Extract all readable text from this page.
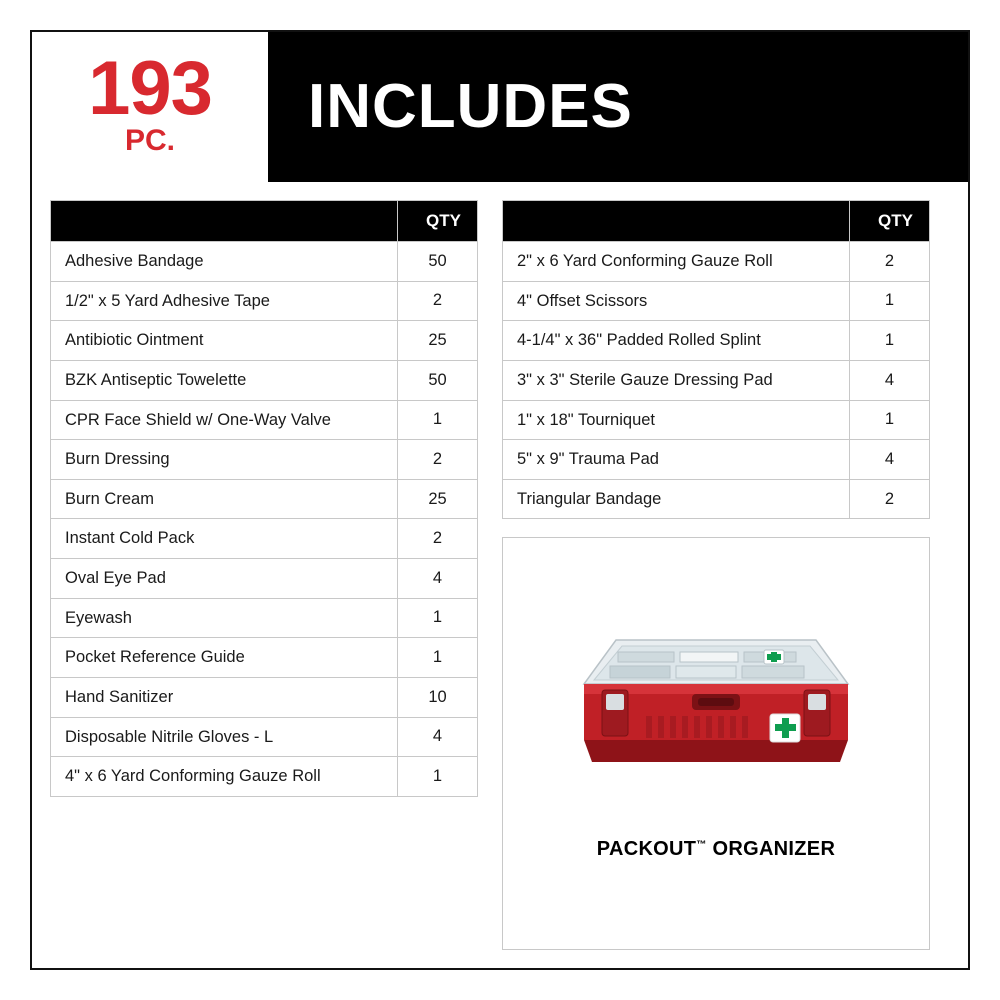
193
PC. INCLUDES
	QTY
Adhesive Bandage	50
1/2" x 5 Yard Adhesive Tape	2
Antibiotic Ointment	25
BZK Antiseptic Towelette	50
CPR Face Shield w/ One-Way Valve	1
Burn Dressing	2
Burn Cream	25
Instant Cold Pack	2
Oval Eye Pad	4
Eyewash	1
Pocket Reference Guide	1
Hand Sanitizer	10
Disposable Nitrile Gloves - L	4
4" x 6 Yard Conforming Gauze Roll	1
	QTY
2" x 6 Yard Conforming Gauze Roll	2
4" Offset Scissors	1
4-1/4" x 36" Padded Rolled Splint	1
3" x 3" Sterile Gauze Dressing Pad	4
1" x 18" Tourniquet	1
5" x 9" Trauma Pad	4
Triangular Bandage	2
PACKOUT™ ORGANIZER
